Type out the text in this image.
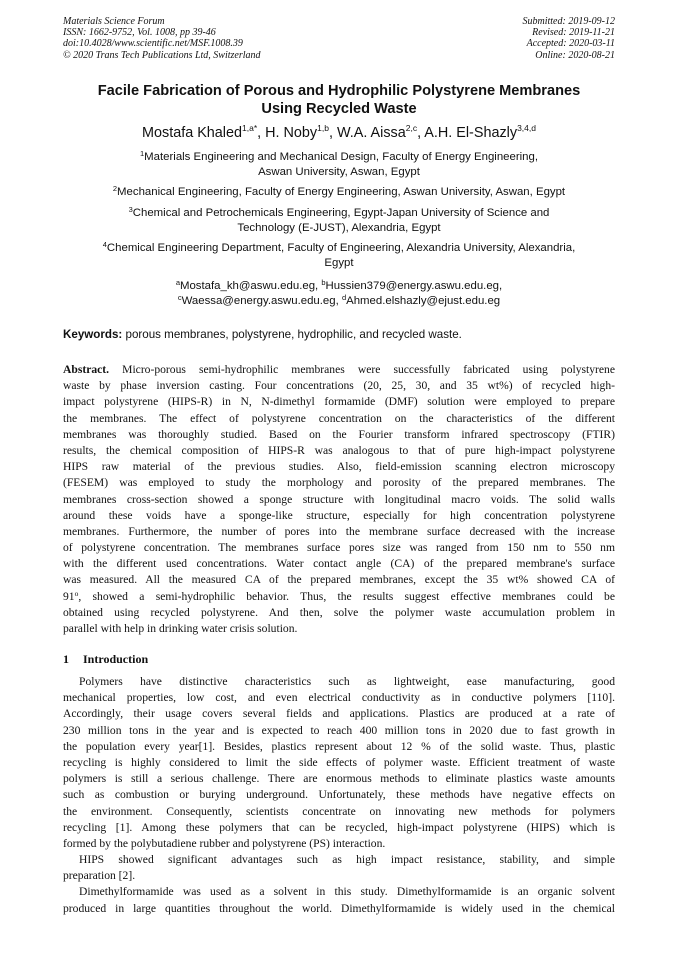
Materials Science Forum
ISSN: 1662-9752, Vol. 1008, pp 39-46
doi:10.4028/www.scientific.net/MSF.1008.39
© 2020 Trans Tech Publications Ltd, Switzerland
Submitted: 2019-09-12
Revised: 2019-11-21
Accepted: 2020-03-11
Online: 2020-08-21
Facile Fabrication of Porous and Hydrophilic Polystyrene Membranes
Using Recycled Waste
Mostafa Khaled$^{1,a*}$, H. Noby$^{1,b}$, W.A. Aissa$^{2,c}$, A.H. El-Shazly$^{3,4,d}$
$^1$Materials Engineering and Mechanical Design, Faculty of Energy Engineering,
Aswan University, Aswan, Egypt
$^2$Mechanical Engineering, Faculty of Energy Engineering, Aswan University, Aswan, Egypt
$^3$Chemical and Petrochemicals Engineering, Egypt-Japan University of Science and
Technology (E-JUST), Alexandria, Egypt
$^4$Chemical Engineering Department, Faculty of Engineering, Alexandria University, Alexandria,
Egypt
$^a$Mostafa_kh@aswu.edu.eg, $^b$Hussien379@energy.aswu.edu.eg,
$^c$Waessa@energy.aswu.edu.eg, $^d$Ahmed.elshazly@ejust.edu.eg
Keywords: porous membranes, polystyrene, hydrophilic, and recycled waste.
Abstract. Micro-porous semi-hydrophilic membranes were successfully fabricated using polystyrene
waste by phase inversion casting. Four concentrations (20, 25, 30, and 35 wt%) of recycled high-
impact polystyrene (HIPS-R) in N, N-dimethyl formamide (DMF) solution were employed to prepare
the membranes. The effect of polystyrene concentration on the characteristics of the different
membranes was thoroughly studied. Based on the Fourier transform infrared spectroscopy (FTIR)
results, the chemical composition of HIPS-R was analogous to that of pure high-impact polystyrene
HIPS raw material of the previous studies. Also, field-emission scanning electron microscopy
(FESEM) was employed to study the morphology and porosity of the prepared membranes. The
membranes cross-section showed a sponge structure with longitudinal macro voids. The solid walls
around these voids have a sponge-like structure, especially for high concentration polystyrene
membranes. Furthermore, the number of pores into the membrane surface decreased with the increase
of polystyrene concentration. The membranes surface pores size was ranged from 150 nm to 550 nm
with the different used concentrations. Water contact angle (CA) of the prepared membrane's surface
was measured. All the measured CA of the prepared membranes, except the 35 wt% showed CA of
91$^o$, showed a semi-hydrophilic behavior. Thus, the results suggest effective membranes could be
obtained using recycled polystyrene. And then, solve the polymer waste accumulation problem in
parallel with help in drinking water crisis solution.
1 Introduction
Polymers have distinctive characteristics such as lightweight, ease manufacturing, good
mechanical properties, low cost, and even electrical conductivity as in conductive polymers [110].
Accordingly, their usage covers several fields and applications. Plastics are produced at a rate of
230 million tons in the year and is expected to reach 400 million tons in 2020 due to fast growth in
the population every year[1]. Besides, plastics represent about 12 % of the solid waste. Thus, plastic
recycling is highly considered to limit the side effects of polymer waste. Efficient treatment of waste
polymers is still a serious challenge. There are enormous methods to eliminate plastics waste amounts
such as combustion or burying underground. Unfortunately, these methods have negative effects on
the environment. Consequently, scientists concentrate on innovating new methods for polymers
recycling [1]. Among these polymers that can be recycled, high-impact polystyrene (HIPS) which is
formed by the polybutadiene rubber and polystyrene (PS) interaction.
HIPS showed significant advantages such as high impact resistance, stability, and simple
preparation [2].
Dimethylformamide was used as a solvent in this study. Dimethylformamide is an organic solvent
produced in large quantities throughout the world. Dimethylformamide is widely used in the chemical
